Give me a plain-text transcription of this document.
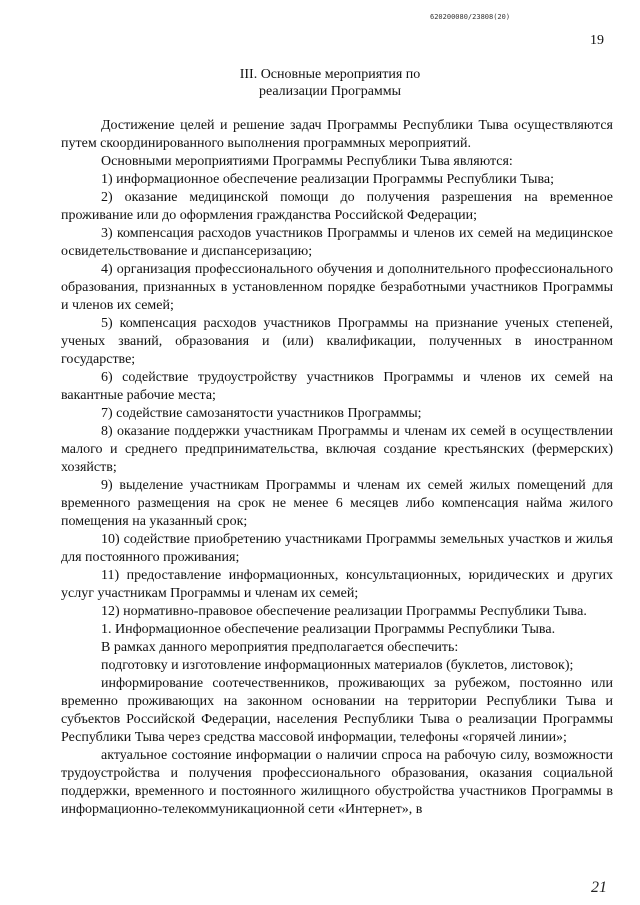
620200080/23808(20)
19
III. Основные мероприятия по
реализации Программы

Достижение целей и решение задач Программы Республики Тыва осуществляются путем скоординированного выполнения программных мероприятий.

Основными мероприятиями Программы Республики Тыва являются:

1) информационное обеспечение реализации Программы Республики Тыва;

2) оказание медицинской помощи до получения разрешения на временное проживание или до оформления гражданства Российской Федерации;

3) компенсация расходов участников Программы и членов их семей на медицинское освидетельствование и диспансеризацию;

4) организация профессионального обучения и дополнительного профессионального образования, признанных в установленном порядке безработными участников Программы и членов их семей;

5) компенсация расходов участников Программы на признание ученых степеней, ученых званий, образования и (или) квалификации, полученных в иностранном государстве;

6) содействие трудоустройству участников Программы и членов их семей на вакантные рабочие места;

7) содействие самозанятости участников Программы;

8) оказание поддержки участникам Программы и членам их семей в осуществлении малого и среднего предпринимательства, включая создание крестьянских (фермерских) хозяйств;

9) выделение участникам Программы и членам их семей жилых помещений для временного размещения на срок не менее 6 месяцев либо компенсация найма жилого помещения на указанный срок;

10) содействие приобретению участниками Программы земельных участков и жилья для постоянного проживания;

11) предоставление информационных, консультационных, юридических и других услуг участникам Программы и членам их семей;

12) нормативно-правовое обеспечение реализации Программы Республики Тыва.

1. Информационное обеспечение реализации Программы Республики Тыва.

В рамках данного мероприятия предполагается обеспечить:

подготовку и изготовление информационных материалов (буклетов, листовок);

информирование соотечественников, проживающих за рубежом, постоянно или временно проживающих на законном основании на территории Республики Тыва и субъектов Российской Федерации, населения Республики Тыва о реализации Программы Республики Тыва через средства массовой информации, телефоны «горячей линии»;

актуальное состояние информации о наличии спроса на рабочую силу, возможности трудоустройства и получения профессионального образования, оказания социальной поддержки, временного и постоянного жилищного обустройства участников Программы в информационно-телекоммуникационной сети «Интернет», в

21
